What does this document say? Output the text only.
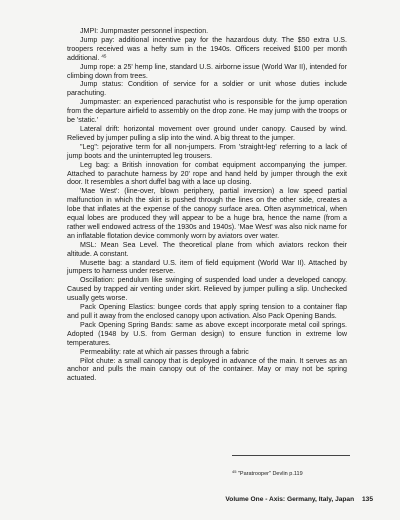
JMPI: Jumpmaster personnel inspection.

Jump pay: additional incentive pay for the hazardous duty. The $50 extra U.S. troopers received was a hefty sum in the 1940s. Officers received $100 per month additional. $^{45}$

Jump rope: a 25' hemp line, standard U.S. airborne issue (World War II), intended for climbing down from trees.

Jump status: Condition of service for a soldier or unit whose duties include parachuting.

Jumpmaster: an experienced parachutist who is responsible for the jump operation from the departure airfield to assembly on the drop zone. He may jump with the troops or be 'static.'

Lateral drift: horizontal movement over ground under canopy. Caused by wind. Relieved by jumper pulling a slip into the wind. A big threat to the jumper.

"Leg": pejorative term for all non-jumpers. From 'straight-leg' referring to a lack of jump boots and the uninterrupted leg trousers.

Leg bag: a British innovation for combat equipment accompanying the jumper. Attached to parachute harness by 20' rope and hand held by jumper through the exit door. It resembles a short duffel bag with a lace up closing.

'Mae West': (line-over, blown periphery, partial inversion) a low speed partial malfunction in which the skirt is pushed through the lines on the other side, creates a lobe that inflates at the expense of the canopy surface area. Often asymmetrical, when equal lobes are produced they will appear to be a huge bra, hence the name (from a rather well endowed actress of the 1930s and 1940s). 'Mae West' was also nick name for an inflatable flotation device commonly worn by aviators over water.

MSL: Mean Sea Level. The theoretical plane from which aviators reckon their altitude. A constant.

Musette bag: a standard U.S. item of field equipment (World War II). Attached by jumpers to harness under reserve.

Oscillation: pendulum like swinging of suspended load under a developed canopy. Caused by trapped air venting under skirt. Relieved by jumper pulling a slip. Unchecked usually gets worse.

Pack Opening Elastics: bungee cords that apply spring tension to a container flap and pull it away from the enclosed canopy upon activation. Also Pack Opening Bands.

Pack Opening Spring Bands: same as above except incorporate metal coil springs. Adopted (1948 by U.S. from German design) to ensure function in extreme low temperatures.

Permeability: rate at which air passes through a fabric

Pilot chute: a small canopy that is deployed in advance of the main. It serves as an anchor and pulls the main canopy out of the container. May or may not be spring actuated.

$^{45}$ "Paratrooper" Devlin p.119
Volume One - Axis: Germany, Italy, Japan 135
